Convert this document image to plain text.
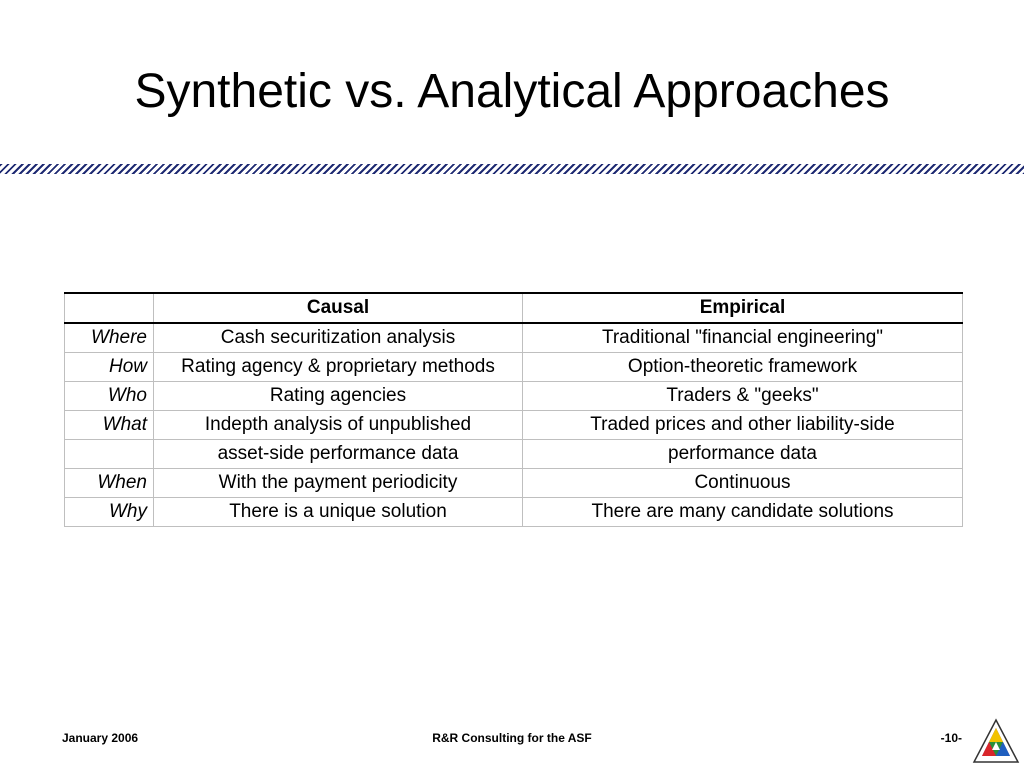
Synthetic vs. Analytical Approaches
	Causal	Empirical
Where	Cash securitization analysis	Traditional "financial engineering"
How	Rating agency & proprietary methods	Option-theoretic framework
Who	Rating agencies	Traders & "geeks"
What	Indepth analysis of unpublished	Traded prices and other liability-side
	asset-side performance data	performance data
When	With the payment periodicity	Continuous
Why	There is a unique solution	There are many candidate solutions
January 2006	R&R Consulting for the ASF	-10-
